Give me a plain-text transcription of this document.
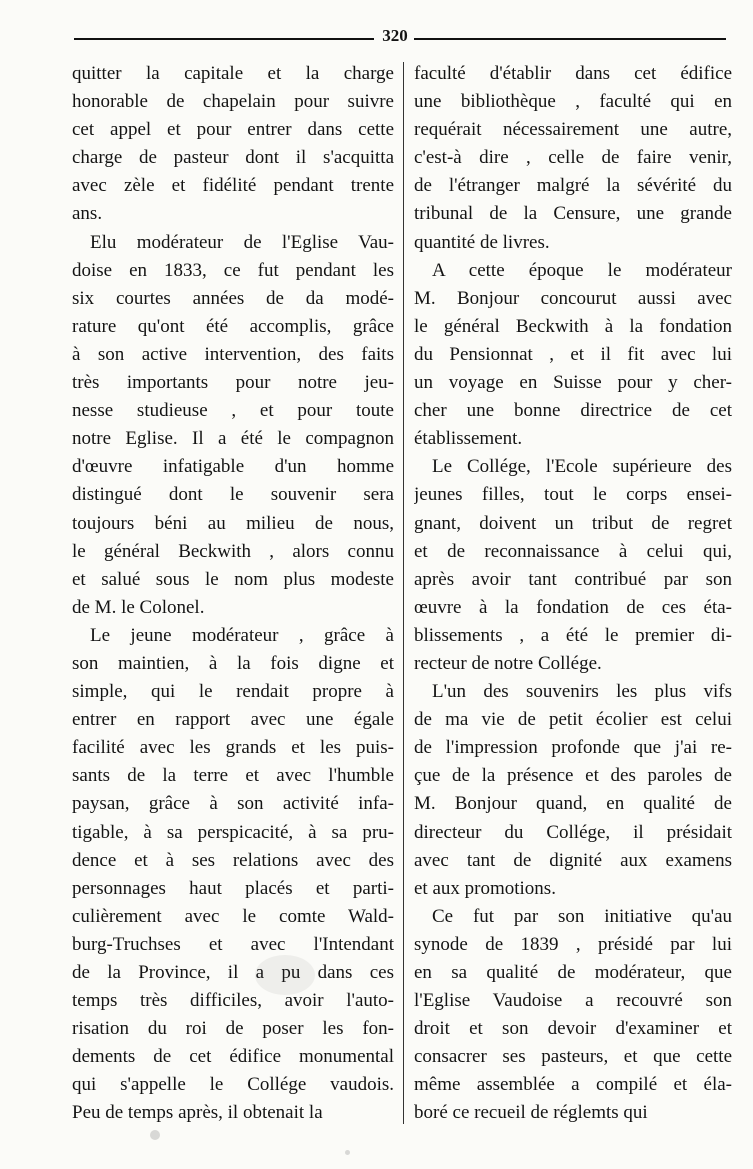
320
quitter la capitale et la charge
honorable de chapelain pour suivre
cet appel et pour entrer dans cette
charge de pasteur dont il s'acquitta
avec zèle et fidélité pendant trente
ans.
Elu modérateur de l'Eglise Vau-
doise en 1833, ce fut pendant les
six courtes années de da modé-
rature qu'ont été accomplis, grâce
à son active intervention, des faits
très importants pour notre jeu-
nesse studieuse , et pour toute
notre Eglise. Il a été le compagnon
d'œuvre infatigable d'un homme
distingué dont le souvenir sera
toujours béni au milieu de nous,
le général Beckwith , alors connu
et salué sous le nom plus modeste
de M. le Colonel.
Le jeune modérateur , grâce à
son maintien, à la fois digne et
simple, qui le rendait propre à
entrer en rapport avec une égale
facilité avec les grands et les puis-
sants de la terre et avec l'humble
paysan, grâce à son activité infa-
tigable, à sa perspicacité, à sa pru-
dence et à ses relations avec des
personnages haut placés et parti-
culièrement avec le comte Wald-
burg-Truchses et avec l'Intendant
de la Province, il a pu dans ces
temps très difficiles, avoir l'auto-
risation du roi de poser les fon-
dements de cet édifice monumental
qui s'appelle le Collége vaudois.
Peu de temps après, il obtenait la
faculté d'établir dans cet édifice
une bibliothèque , faculté qui en
requérait nécessairement une autre,
c'est-à dire , celle de faire venir,
de l'étranger malgré la sévérité du
tribunal de la Censure, une grande
quantité de livres.
A cette époque le modérateur
M. Bonjour concourut aussi avec
le général Beckwith à la fondation
du Pensionnat , et il fit avec lui
un voyage en Suisse pour y cher-
cher une bonne directrice de cet
établissement.
Le Collége, l'Ecole supérieure des
jeunes filles, tout le corps ensei-
gnant, doivent un tribut de regret
et de reconnaissance à celui qui,
après avoir tant contribué par son
œuvre à la fondation de ces éta-
blissements , a été le premier di-
recteur de notre Collége.
L'un des souvenirs les plus vifs
de ma vie de petit écolier est celui
de l'impression profonde que j'ai re-
çue de la présence et des paroles de
M. Bonjour quand, en qualité de
directeur du Collége, il présidait
avec tant de dignité aux examens
et aux promotions.
Ce fut par son initiative qu'au
synode de 1839 , présidé par lui
en sa qualité de modérateur, que
l'Eglise Vaudoise a recouvré son
droit et son devoir d'examiner et
consacrer ses pasteurs, et que cette
même assemblée a compilé et éla-
boré ce recueil de réglemts qui
